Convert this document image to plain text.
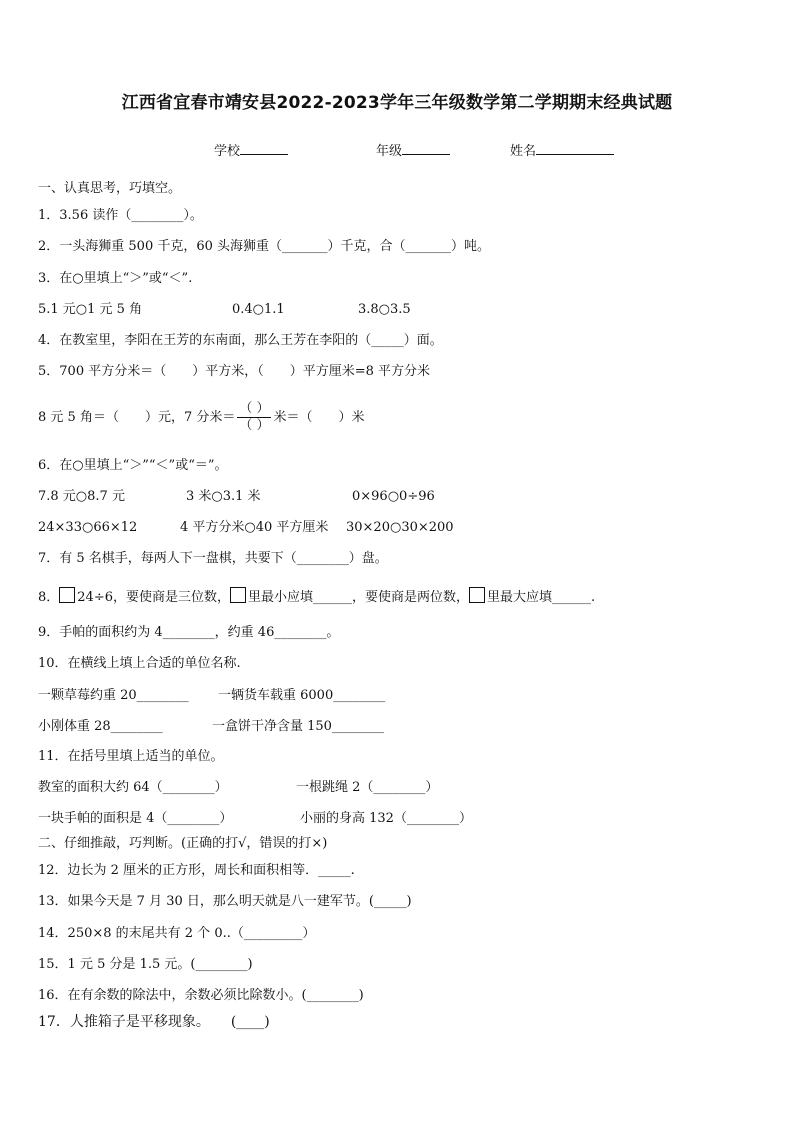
江西省宜春市靖安县2022-2023学年三年级数学第二学期期末经典试题
学校	年级	姓名
一、认真思考，巧填空。
1．3.56 读作（________）。
2．一头海狮重 500 千克，60 头海狮重（_______）千克，合（_______）吨。
3．在○里填上“＞”或“＜”.
5.1 元○1 元 5 角	0.4○1.1	3.8○3.5
4．在教室里，李阳在王芳的东南面，那么王芳在李阳的（_____）面。
5．700 平方分米＝（　　）平方米，（　　）平方厘米=8 平方分米
8 元 5 角＝（　　）元，7 分米＝ $\frac{( )}{( )}$ 米＝（　　）米
6．在○里填上“＞”“＜”或“＝”。
7.8 元○8.7 元	3 米○3.1 米	0×96○0÷96
24×33○66×12	4 平方分米○40 平方厘米 30×20○30×200
7．有 5 名棋手，每两人下一盘棋，共要下（________）盘。
8． 24÷6，要使商是三位数， 里最小应填______，要使商是两位数， 里最大应填______.
9．手帕的面积约为 4________，约重 46________。
10．在横线上填上合适的单位名称.
一颗草莓约重 20________ 一辆货车载重 6000________
小刚体重 28________	一盒饼干净含量 150________
11．在括号里填上适当的单位。
教室的面积大约 64（________）	一根跳绳 2（________）
一块手帕的面积是 4（________）	小丽的身高 132（________）
二、仔细推敲，巧判断。(正确的打√，错误的打×)
12．边长为 2 厘米的正方形，周长和面积相等．_____.
13．如果今天是 7 月 30 日，那么明天就是八一建军节。(_____)
14．250×8 的末尾共有 2 个 0..（_________）
15．1 元 5 分是 1.5 元。(________)
16．在有余数的除法中，余数必须比除数小。(________)
17．人推箱子是平移现象。　　(____)
